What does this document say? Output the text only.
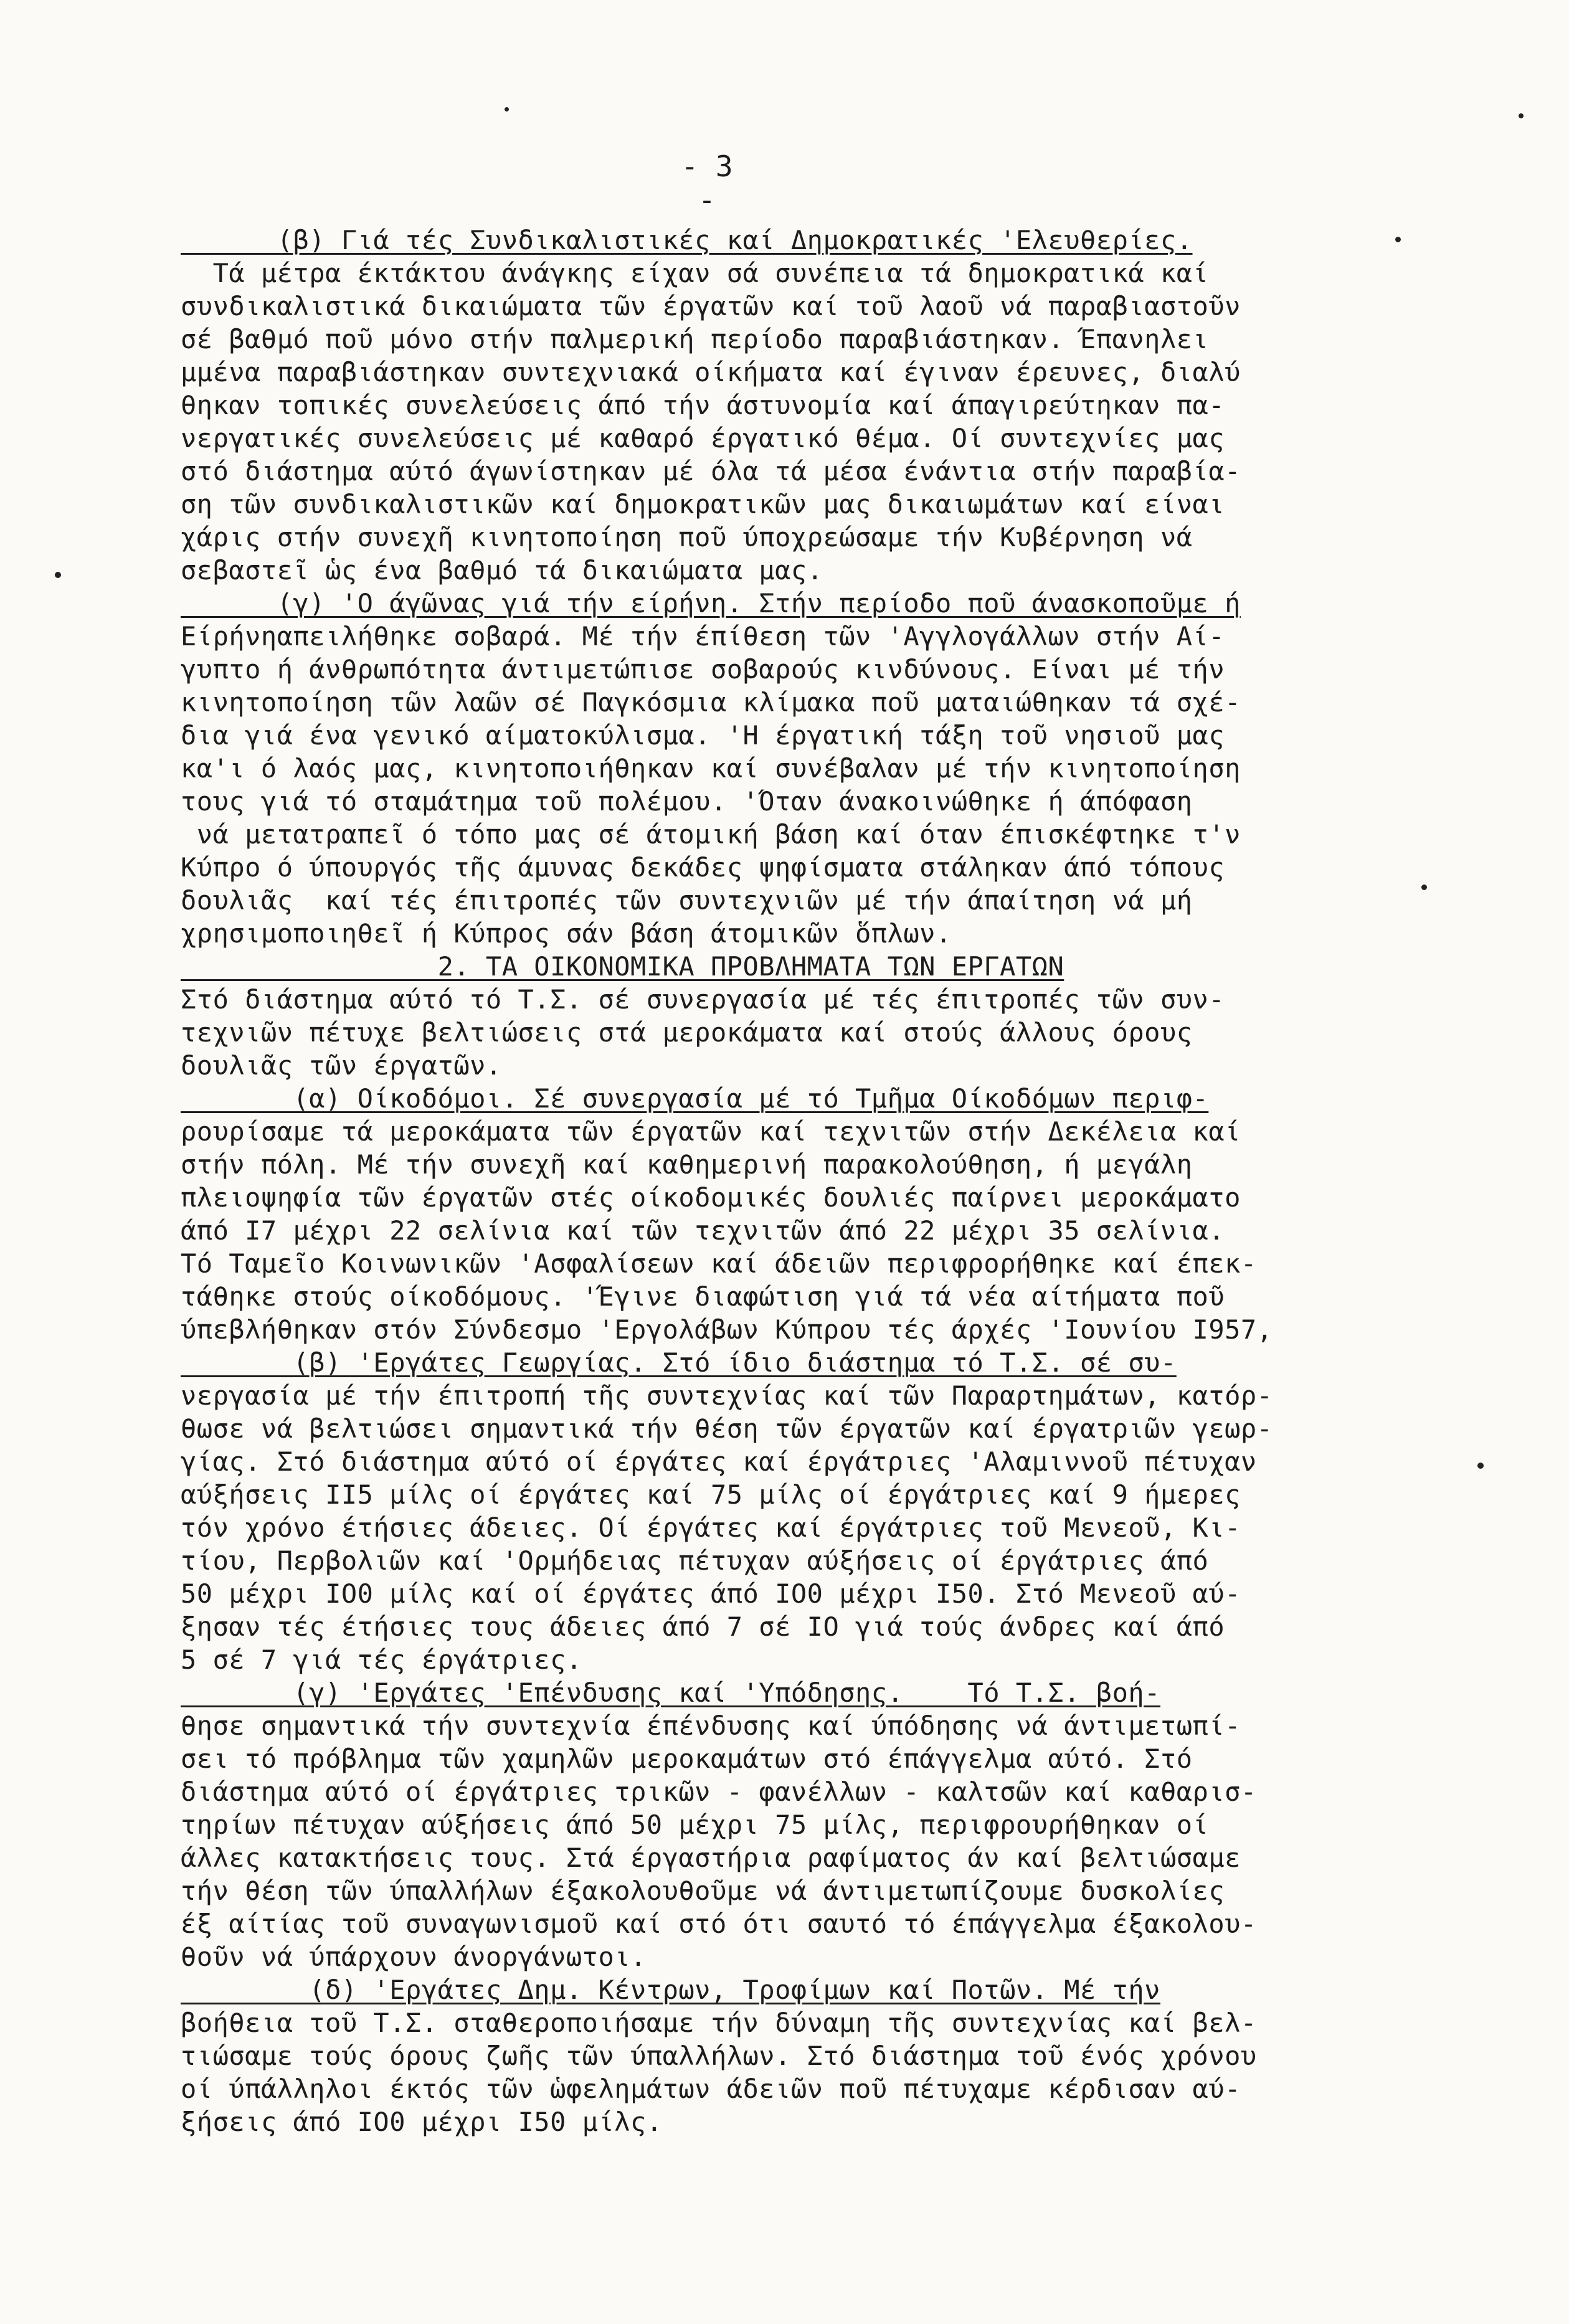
- 3 -
(β) Γιά τές Συνδικαλιστικές καί Δημοκρατικές 'Ελευθερίες.
Τά μέτρα έκτάκτου άνάγκης είχαν σά συνέπεια τά δημοκρατικά καί
συνδικαλιστικά δικαιώματα τῶν έργατῶν καί τοῦ λαοῦ νά παραβιαστοῦν
σέ βαθμό ποῦ μόνο στήν παλμερική περίοδο παραβιάστηκαν. Έπανηλει
μμένα παραβιάστηκαν συντεχνιακά οίκήματα καί έγιναν έρευνες, διαλύ
θηκαν τοπικές συνελεύσεις άπό τήν άστυνομία καί άπαγιρεύτηκαν πα-
νεργατικές συνελεύσεις μέ καθαρό έργατικό θέμα. Οί συντεχνίες μας
στό διάστημα αύτό άγωνίστηκαν μέ όλα τά μέσα ένάντια στήν παραβία-
ση τῶν συνδικαλιστικῶν καί δημοκρατικῶν μας δικαιωμάτων καί είναι
χάρις στήν συνεχῆ κινητοποίηση ποῦ ύποχρεώσαμε τήν Κυβέρνηση νά
σεβαστεῖ ὡς ένα βαθμό τά δικαιώματα μας.
(γ) 'Ο άγῶνας γιά τήν είρήνη. Στήν περίοδο ποῦ άνασκοποῦμε ή
Είρήνηαπειλήθηκε σοβαρά. Μέ τήν έπίθεση τῶν 'Αγγλογάλλων στήν Αί-
γυπτο ή άνθρωπότητα άντιμετώπισε σοβαρούς κινδύνους. Είναι μέ τήν
κινητοποίηση τῶν λαῶν σέ Παγκόσμια κλίμακα ποῦ ματαιώθηκαν τά σχέ-
δια γιά ένα γενικό αίματοκύλισμα. 'Η έργατική τάξη τοῦ νησιοῦ μας
κα'ι ό λαός μας, κινητοποιήθηκαν καί συνέβαλαν μέ τήν κινητοποίηση
τους γιά τό σταμάτημα τοῦ πολέμου. 'Όταν άνακοινώθηκε ή άπόφαση
νά μετατραπεῖ ό τόπο μας σέ άτομική βάση καί όταν έπισκέφτηκε τ'ν
Κύπρο ό ύπουργός τῆς άμυνας δεκάδες ψηφίσματα στάληκαν άπό τόπους
δουλιᾶς  καί τές έπιτροπές τῶν συντεχνιῶν μέ τήν άπαίτηση νά μή
χρησιμοποιηθεῖ ή Κύπρος σάν βάση άτομικῶν ὅπλων.
2. ΤΑ ΟΙΚΟΝΟΜΙΚΑ ΠΡΟΒΛΗΜΑΤΑ ΤΩΝ ΕΡΓΑΤΩΝ
Στό διάστημα αύτό τό Τ.Σ. σέ συνεργασία μέ τές έπιτροπές τῶν συν-
τεχνιῶν πέτυχε βελτιώσεις στά μεροκάματα καί στούς άλλους όρους
δουλιᾶς τῶν έργατῶν.
(α) Οίκοδόμοι. Σέ συνεργασία μέ τό Τμῆμα Οίκοδόμων περιφ-
ρουρίσαμε τά μεροκάματα τῶν έργατῶν καί τεχνιτῶν στήν Δεκέλεια καί
στήν πόλη. Μέ τήν συνεχῆ καί καθημερινή παρακολούθηση, ή μεγάλη
πλειοψηφία τῶν έργατῶν στές οίκοδομικές δουλιές παίρνει μεροκάματο
άπό Ι7 μέχρι 22 σελίνια καί τῶν τεχνιτῶν άπό 22 μέχρι 35 σελίνια.
Τό Ταμεῖο Κοινωνικῶν 'Ασφαλίσεων καί άδειῶν περιφρορήθηκε καί έπεκ-
τάθηκε στούς οίκοδόμους. 'Έγινε διαφώτιση γιά τά νέα αίτήματα ποῦ
ύπεβλήθηκαν στόν Σύνδεσμο 'Εργολάβων Κύπρου τές άρχές 'Ιουνίου Ι957,
(β) 'Εργάτες Γεωργίας. Στό ίδιο διάστημα τό Τ.Σ. σέ συ-
νεργασία μέ τήν έπιτροπή τῆς συντεχνίας καί τῶν Παραρτημάτων, κατόρ-
θωσε νά βελτιώσει σημαντικά τήν θέση τῶν έργατῶν καί έργατριῶν γεωρ-
γίας. Στό διάστημα αύτό οί έργάτες καί έργάτριες 'Αλαμιννοῦ πέτυχαν
αύξήσεις ΙΙ5 μίλς οί έργάτες καί 75 μίλς οί έργάτριες καί 9 ήμερες
τόν χρόνο έτήσιες άδειες. Οί έργάτες καί έργάτριες τοῦ Μενεοῦ, Κι-
τίου, Περβολιῶν καί 'Ορμήδειας πέτυχαν αύξήσεις οί έργάτριες άπό
50 μέχρι ΙΟ0 μίλς καί οί έργάτες άπό ΙΟ0 μέχρι Ι50. Στό Μενεοῦ αύ-
ξησαν τές έτήσιες τους άδειες άπό 7 σέ ΙΟ γιά τούς άνδρες καί άπό
5 σέ 7 γιά τές έργάτριες.
(γ) 'Εργάτες 'Επένδυσης καί 'Υπόδησης.    Τό Τ.Σ. βοή-
θησε σημαντικά τήν συντεχνία έπένδυσης καί ύπόδησης νά άντιμετωπί-
σει τό πρόβλημα τῶν χαμηλῶν μεροκαμάτων στό έπάγγελμα αύτό. Στό
διάστημα αύτό οί έργάτριες τρικῶν - φανέλλων - καλτσῶν καί καθαρισ-
τηρίων πέτυχαν αύξήσεις άπό 50 μέχρι 75 μίλς, περιφρουρήθηκαν οί
άλλες κατακτήσεις τους. Στά έργαστήρια ραφίματος άν καί βελτιώσαμε
τήν θέση τῶν ύπαλλήλων έξακολουθοῦμε νά άντιμετωπίζουμε δυσκολίες
έξ αίτίας τοῦ συναγωνισμοῦ καί στό ότι σαυτό τό έπάγγελμα έξακολου-
θοῦν νά ύπάρχουν άνοργάνωτοι.
(δ) 'Εργάτες Δημ. Κέντρων, Τροφίμων καί Ποτῶν. Μέ τήν
βοήθεια τοῦ Τ.Σ. σταθεροποιήσαμε τήν δύναμη τῆς συντεχνίας καί βελ-
τιώσαμε τούς όρους ζωῆς τῶν ύπαλλήλων. Στό διάστημα τοῦ ένός χρόνου
οί ύπάλληλοι έκτός τῶν ὡφελημάτων άδειῶν ποῦ πέτυχαμε κέρδισαν αύ-
ξήσεις άπό ΙΟ0 μέχρι Ι50 μίλς.
